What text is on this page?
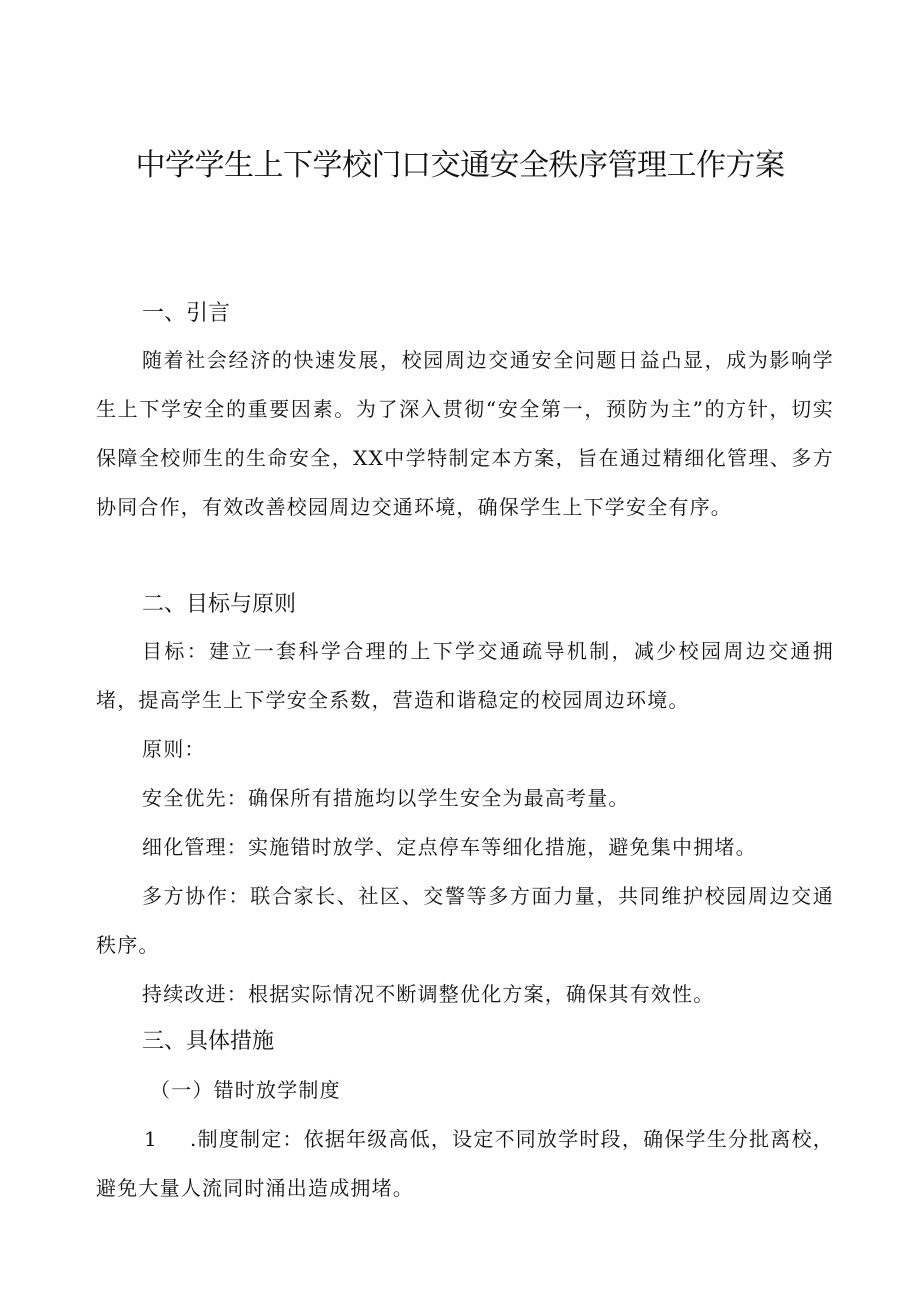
中学学生上下学校门口交通安全秩序管理工作方案
一、引言

随着社会经济的快速发展，校园周边交通安全问题日益凸显，成为影响学生上下学安全的重要因素。为了深入贯彻“安全第一，预防为主”的方针，切实保障全校师生的生命安全，XX中学特制定本方案，旨在通过精细化管理、多方协同合作，有效改善校园周边交通环境，确保学生上下学安全有序。

二、目标与原则

目标：建立一套科学合理的上下学交通疏导机制，减少校园周边交通拥堵，提高学生上下学安全系数，营造和谐稳定的校园周边环境。

原则：

安全优先：确保所有措施均以学生安全为最高考量。

细化管理：实施错时放学、定点停车等细化措施，避免集中拥堵。

多方协作：联合家长、社区、交警等多方面力量，共同维护校园周边交通秩序。

持续改进：根据实际情况不断调整优化方案，确保其有效性。

三、具体措施

（一）错时放学制度

1 .制度制定：依据年级高低，设定不同放学时段，确保学生分批离校，避免大量人流同时涌出造成拥堵。
